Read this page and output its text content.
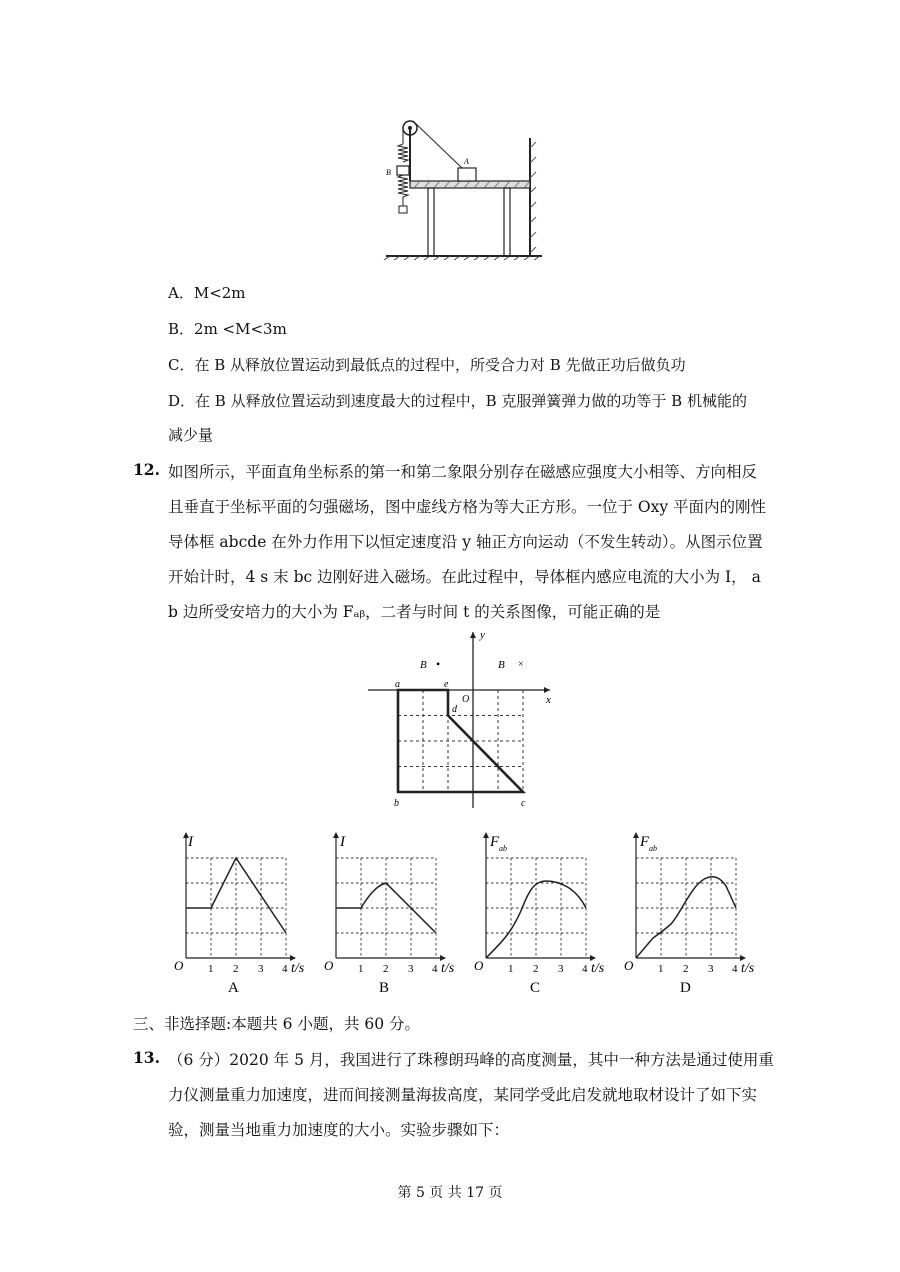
A
B
A．M<2m
B．2m <M<3m
C．在 B 从释放位置运动到最低点的过程中，所受合力对 B 先做正功后做负功
D．在 B 从释放位置运动到速度最大的过程中，B 克服弹簧弹力做的功等于 B 机械能的
减少量
12. 如图所示，平面直角坐标系的第一和第二象限分别存在磁感应强度大小相等、方向相反
且垂直于坐标平面的匀强磁场，图中虚线方格为等大正方形。一位于 Oxy 平面内的刚性
导体框 abcde 在外力作用下以恒定速度沿 y 轴正方向运动（不发生转动）。从图示位置
开始计时，4 s 末 bc 边刚好进入磁场。在此过程中，导体框内感应电流的大小为 I， a
b 边所受安培力的大小为 Fₐᵦ，二者与时间 t 的关系图像，可能正确的是
y
x
O
B •	B ×
a	e
d
b	c
I	I	F ab	F ab
O	O	O	O
1 2 3 4 t/s	1 2 3 4 t/s	1 2 3 4 t/s	1 2 3 4 t/s
A	B	C	D
三、非选择题:本题共 6 小题，共 60 分。
13. （6 分）2020 年 5 月，我国进行了珠穆朗玛峰的高度测量，其中一种方法是通过使用重
力仪测量重力加速度，进而间接测量海拔高度，某同学受此启发就地取材设计了如下实
验，测量当地重力加速度的大小。实验步骤如下：
第 5 页 共 17 页
